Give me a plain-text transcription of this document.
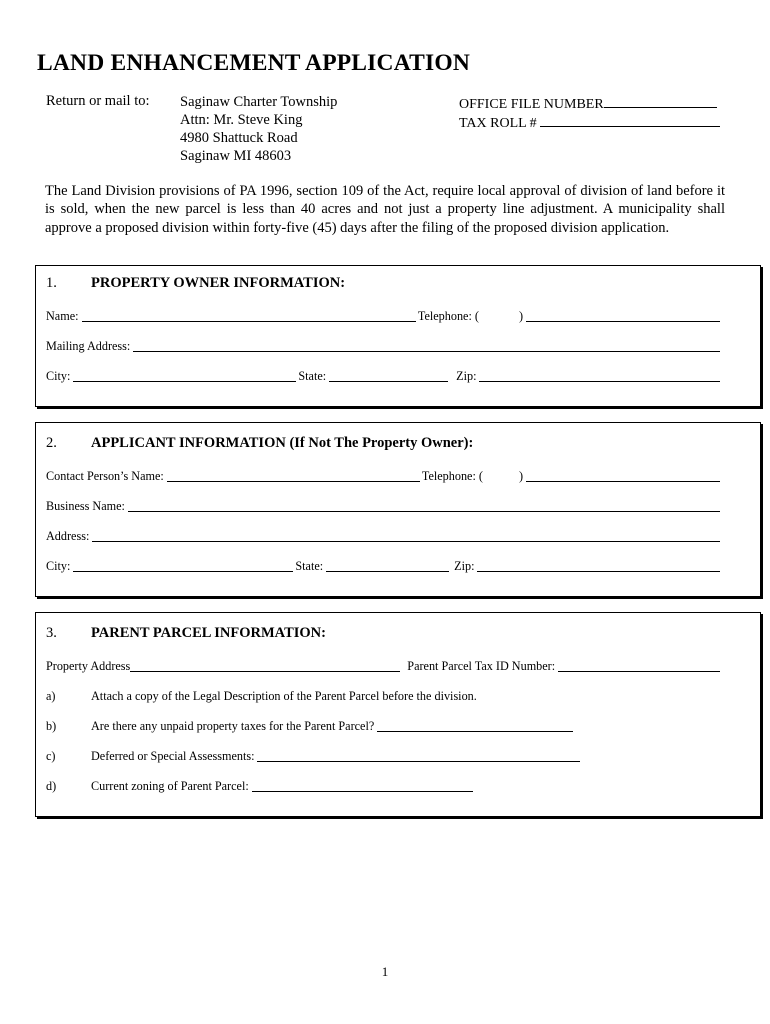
LAND ENHANCEMENT APPLICATION
Return or mail to: Saginaw Charter Township
Attn: Mr. Steve King
4980 Shattuck Road
Saginaw MI 48603
OFFICE FILE NUMBER
TAX ROLL #

The Land Division provisions of PA 1996, section 109 of the Act, require local approval of division of land before it is sold, when the new parcel is less than 40 acres and not just a property line adjustment. A municipality shall approve a proposed division within forty-five (45) days after the filing of the proposed division application.

1. PROPERTY OWNER INFORMATION:
Name:	Telephone: (	)
Mailing Address:
City:	State:	Zip:
2. APPLICANT INFORMATION (If Not The Property Owner):
Contact Person’s Name:	Telephone: (	)
Business Name:
Address:
City:	State:	Zip:
3. PARENT PARCEL INFORMATION:
Property Address	Parent Parcel Tax ID Number:
a)	Attach a copy of the Legal Description of the Parent Parcel before the division.
b)	Are there any unpaid property taxes for the Parent Parcel?
c)	Deferred or Special Assessments:
d)	Current zoning of Parent Parcel:
1
